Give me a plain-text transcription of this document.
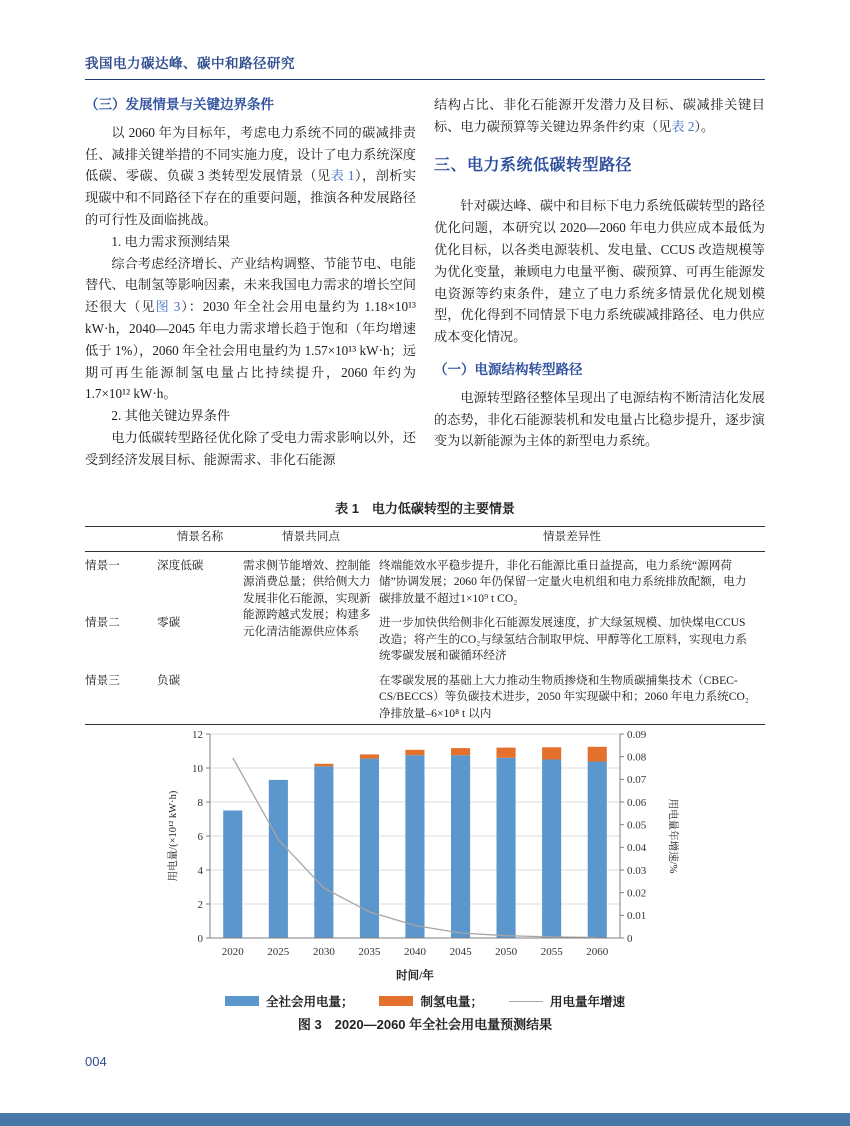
我国电力碳达峰、碳中和路径研究
（三）发展情景与关键边界条件

以 2060 年为目标年，考虑电力系统不同的碳减排责任、减排关键举措的不同实施力度，设计了电力系统深度低碳、零碳、负碳 3 类转型发展情景（见表 1），剖析实现碳中和不同路径下存在的重要问题，推演各种发展路径的可行性及面临挑战。

1. 电力需求预测结果

综合考虑经济增长、产业结构调整、节能节电、电能替代、电制氢等影响因素，未来我国电力需求的增长空间还很大（见图 3）：2030 年全社会用电量约为 1.18×10¹³ kW·h，2040—2045 年电力需求增长趋于饱和（年均增速低于 1%），2060 年全社会用电量约为 1.57×10¹³ kW·h；远期可再生能源制氢电量占比持续提升，2060 年约为 1.7×10¹² kW·h。

2. 其他关键边界条件

电力低碳转型路径优化除了受电力需求影响以外，还受到经济发展目标、能源需求、非化石能源

结构占比、非化石能源开发潜力及目标、碳减排关键目标、电力碳预算等关键边界条件约束（见表 2）。

三、电力系统低碳转型路径

针对碳达峰、碳中和目标下电力系统低碳转型的路径优化问题，本研究以 2020—2060 年电力供应成本最低为优化目标，以各类电源装机、发电量、CCUS 改造规模等为优化变量，兼顾电力电量平衡、碳预算、可再生能源发电资源等约束条件，建立了电力系统多情景优化规划模型，优化得到不同情景下电力系统碳减排路径、电力供应成本变化情况。

（一）电源结构转型路径

电源转型路径整体呈现出了电源结构不断清洁化发展的态势，非化石能源装机和发电量占比稳步提升，逐步演变为以新能源为主体的新型电力系统。

表 1　电力低碳转型的主要情景
	情景名称	情景共同点	情景差异性
情景一	深度低碳	需求侧节能增效、控制能源消费总量；供给侧大力发展非化石能源，实现新能源跨越式发展；构建多元化清洁能源供应体系	终端能效水平稳步提升，非化石能源比重日益提高，电力系统“源网荷储”协调发展；2060 年仍保留一定量火电机组和电力系统排放配额，电力碳排放量不超过1×10⁹ t CO₂
情景二	零碳		进一步加快供给侧非化石能源发展速度，扩大绿氢规模、加快煤电CCUS改造；将产生的CO₂与绿氢结合制取甲烷、甲醇等化工原料，实现电力系统零碳发展和碳循环经济
情景三	负碳		在零碳发展的基础上大力推动生物质掺烧和生物质碳捕集技术（CBEC-CS/BECCS）等负碳技术进步，2050 年实现碳中和；2060 年电力系统CO₂净排放量–6×10⁸ t 以内
0
2
4
6
8
10
12
0
0.01
0.02
0.03
0.04
0.05
0.06
0.07
0.08
0.09
2020 2025 2030 2035 2040 2045 2050 2055 2060
时间/年
用电量/(×10¹² kW·h)	用电量年增速/%
全社会用电量；	制氢电量；	用电量年增速
图 3　2020—2060 年全社会用电量预测结果
004
